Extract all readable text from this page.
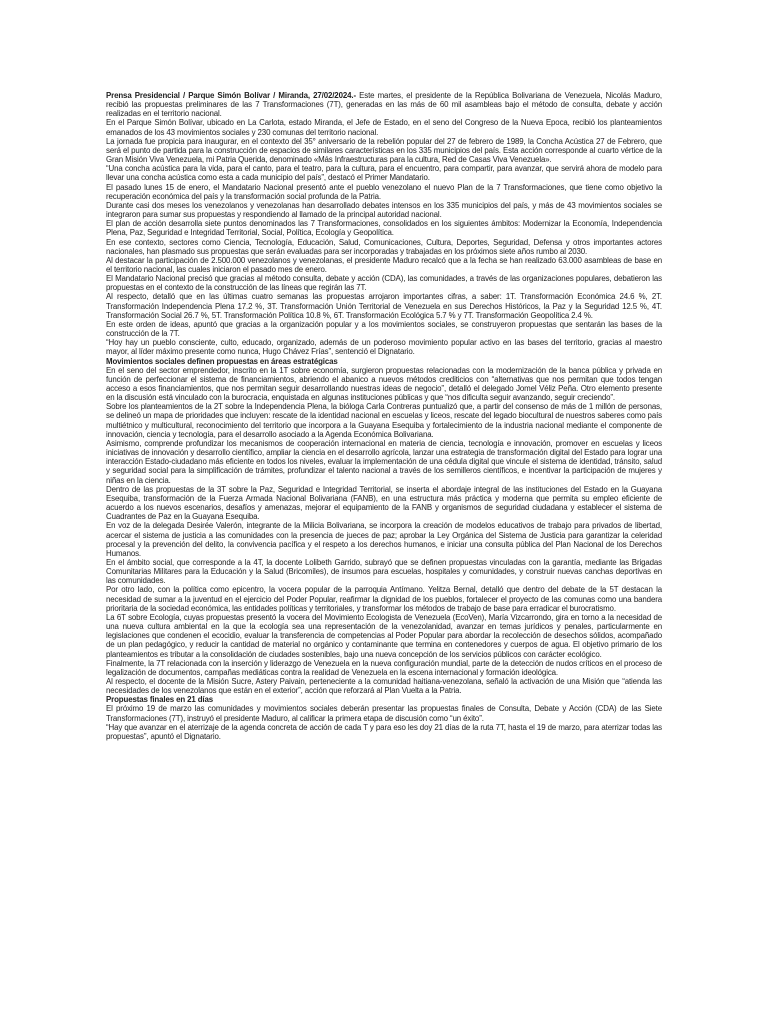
Prensa Presidencial / Parque Simón Bolívar / Miranda, 27/02/2024.- Este martes, el presidente de la República Bolivariana de Venezuela, Nicolás Maduro, recibió las propuestas preliminares de las 7 Transformaciones (7T), generadas en las más de 60 mil asambleas bajo el método de consulta, debate y acción realizadas en el territorio nacional.

En el Parque Simón Bolívar, ubicado en La Carlota, estado Miranda, el Jefe de Estado, en el seno del Congreso de la Nueva Epoca, recibió los planteamientos emanados de los 43 movimientos sociales y 230 comunas del territorio nacional.

La jornada fue propicia para inaugurar, en el contexto del 35° aniversario de la rebelión popular del 27 de febrero de 1989, la Concha Acústica 27 de Febrero, que será el punto de partida para la construcción de espacios de similares características en los 335 municipios del país. Esta acción corresponde al cuarto vértice de la Gran Misión Viva Venezuela, mi Patria Querida, denominado «Más Infraestructuras para la cultura, Red de Casas Viva Venezuela».

“Una concha acústica para la vida, para el canto, para el teatro, para la cultura, para el encuentro, para compartir, para avanzar, que servirá ahora de modelo para llevar una concha acústica como esta a cada municipio del país”, destacó el Primer Mandatario.

El pasado lunes 15 de enero, el Mandatario Nacional presentó ante el pueblo venezolano el nuevo Plan de la 7 Transformaciones, que tiene como objetivo la recuperación económica del país y la transformación social profunda de la Patria.

Durante casi dos meses los venezolanos y venezolanas han desarrollado debates intensos en los 335 municipios del país, y más de 43 movimientos sociales se integraron para sumar sus propuestas y respondiendo al llamado de la principal autoridad nacional.

El plan de acción desarrolla siete puntos denominados las 7 Transformaciones, consolidados en los siguientes ámbitos: Modernizar la Economía, Independencia Plena, Paz, Seguridad e Integridad Territorial, Social, Política, Ecología y Geopolítica.

En ese contexto, sectores como Ciencia, Tecnología, Educación, Salud, Comunicaciones, Cultura, Deportes, Seguridad, Defensa y otros importantes actores nacionales, han plasmado sus propuestas que serán evaluadas para ser incorporadas y trabajadas en los próximos siete años rumbo al 2030.

Al destacar la participación de 2.500.000 venezolanos y venezolanas, el presidente Maduro recalcó que a la fecha se han realizado 63.000 asambleas de base en el territorio nacional, las cuales iniciaron el pasado mes de enero.

El Mandatario Nacional precisó que gracias al método consulta, debate y acción (CDA), las comunidades, a través de las organizaciones populares, debatieron las propuestas en el contexto de la construcción de las líneas que regirán las 7T.

Al respecto, detalló que en las últimas cuatro semanas las propuestas arrojaron importantes cifras, a saber: 1T. Transformación Económica 24.6 %, 2T. Transformación Independencia Plena 17.2 %, 3T. Transformación Unión Territorial de Venezuela en sus Derechos Históricos, la Paz y la Seguridad 12.5 %, 4T. Transformación Social 26.7 %, 5T. Transformación Política 10.8 %, 6T. Transformación Ecológica 5.7 % y 7T. Transformación Geopolítica 2.4 %.

En este orden de ideas, apuntó que gracias a la organización popular y a los movimientos sociales, se construyeron propuestas que sentarán las bases de la construcción de la 7T.

“Hoy hay un pueblo consciente, culto, educado, organizado, además de un poderoso movimiento popular activo en las bases del territorio, gracias al maestro mayor, al líder máximo presente como nunca, Hugo Chávez Frías”, sentenció el Dignatario.

Movimientos sociales definen propuestas en áreas estratégicas

En el seno del sector emprendedor, inscrito en la 1T sobre economía, surgieron propuestas relacionadas con la modernización de la banca pública y privada en función de perfeccionar el sistema de financiamientos, abriendo el abanico a nuevos métodos crediticios con “alternativas que nos permitan que todos tengan acceso a esos financiamientos, que nos permitan seguir desarrollando nuestras ideas de negocio”, detalló el delegado Jomel Véliz Peña. Otro elemento presente en la discusión está vinculado con la burocracia, enquistada en algunas instituciones públicas y que “nos dificulta seguir avanzando, seguir creciendo”.

Sobre los planteamientos de la 2T sobre la Independencia Plena, la bióloga Carla Contreras puntualizó que, a partir del consenso de más de 1 millón de personas, se delineó un mapa de prioridades que incluyen: rescate de la identidad nacional en escuelas y liceos, rescate del legado biocultural de nuestros saberes como país multiétnico y multicultural, reconocimiento del territorio que incorpora a la Guayana Esequiba y fortalecimiento de la industria nacional mediante el componente de innovación, ciencia y tecnología, para el desarrollo asociado a la Agenda Económica Bolivariana.

Asimismo, comprende profundizar los mecanismos de cooperación internacional en materia de ciencia, tecnología e innovación, promover en escuelas y liceos iniciativas de innovación y desarrollo científico, ampliar la ciencia en el desarrollo agrícola, lanzar una estrategia de transformación digital del Estado para lograr una interacción Estado-ciudadano más eficiente en todos los niveles, evaluar la implementación de una cédula digital que vincule el sistema de identidad, tránsito, salud y seguridad social para la simplificación de trámites, profundizar el talento nacional a través de los semilleros científicos, e incentivar la participación de mujeres y niñas en la ciencia.

Dentro de las propuestas de la 3T sobre la Paz, Seguridad e Integridad Territorial, se inserta el abordaje integral de las instituciones del Estado en la Guayana Esequiba, transformación de la Fuerza Armada Nacional Bolivariana (FANB), en una estructura más práctica y moderna que permita su empleo eficiente de acuerdo a los nuevos escenarios, desafíos y amenazas, mejorar el equipamiento de la FANB y organismos de seguridad ciudadana y establecer el sistema de Cuadrantes de Paz en la Guayana Esequiba.

En voz de la delegada Desirée Valerón, integrante de la Milicia Bolivariana, se incorpora la creación de modelos educativos de trabajo para privados de libertad, acercar el sistema de justicia a las comunidades con la presencia de jueces de paz; aprobar la Ley Orgánica del Sistema de Justicia para garantizar la celeridad procesal y la prevención del delito, la convivencia pacífica y el respeto a los derechos humanos, e iniciar una consulta pública del Plan Nacional de los Derechos Humanos.

En el ámbito social, que corresponde a la 4T, la docente Lolibeth Garrido, subrayó que se definen propuestas vinculadas con la garantía, mediante las Brigadas Comunitarias Militares para la Educación y la Salud (Bricomiles), de insumos para escuelas, hospitales y comunidades, y construir nuevas canchas deportivas en las comunidades.

Por otro lado, con la política como epicentro, la vocera popular de la parroquia Antímano. Yelitza Bernal, detalló que dentro del debate de la 5T destacan la necesidad de sumar a la juventud en el ejercicio del Poder Popular, reafirmar la dignidad de los pueblos, fortalecer el proyecto de las comunas como una bandera prioritaria de la sociedad económica, las entidades políticas y territoriales, y transformar los métodos de trabajo de base para erradicar el burocratismo.

La 6T sobre Ecología, cuyas propuestas presentó la vocera del Movimiento Ecologista de Venezuela (EcoVen), María Vizcarrondo, gira en torno a la necesidad de una nueva cultura ambiental en la que la ecología sea una representación de la venezolanidad, avanzar en temas jurídicos y penales, particularmente en legislaciones que condenen el ecocidio, evaluar la transferencia de competencias al Poder Popular para abordar la recolección de desechos sólidos, acompañado de un plan pedagógico, y reducir la cantidad de material no orgánico y contaminante que termina en contenedores y cuerpos de agua. El objetivo primario de los planteamientos es tributar a la consolidación de ciudades sostenibles, bajo una nueva concepción de los servicios públicos con carácter ecológico.

Finalmente, la 7T relacionada con la inserción y liderazgo de Venezuela en la nueva configuración mundial, parte de la detección de nudos críticos en el proceso de legalización de documentos, campañas mediáticas contra la realidad de Venezuela en la escena internacional y formación ideológica.

Al respecto, el docente de la Misión Sucre, Astery Paivain, perteneciente a la comunidad haitiana-venezolana, señaló la activación de una Misión que “atienda las necesidades de los venezolanos que están en el exterior”, acción que reforzará al Plan Vuelta a la Patria.

Propuestas finales en 21 días

El próximo 19 de marzo las comunidades y movimientos sociales deberán presentar las propuestas finales de Consulta, Debate y Acción (CDA) de las Siete Transformaciones (7T), instruyó el presidente Maduro, al calificar la primera etapa de discusión como “un éxito”.

“Hay que avanzar en el aterrizaje de la agenda concreta de acción de cada T y para eso les doy 21 días de la ruta 7T, hasta el 19 de marzo, para aterrizar todas las propuestas”, apuntó el Dignatario.
